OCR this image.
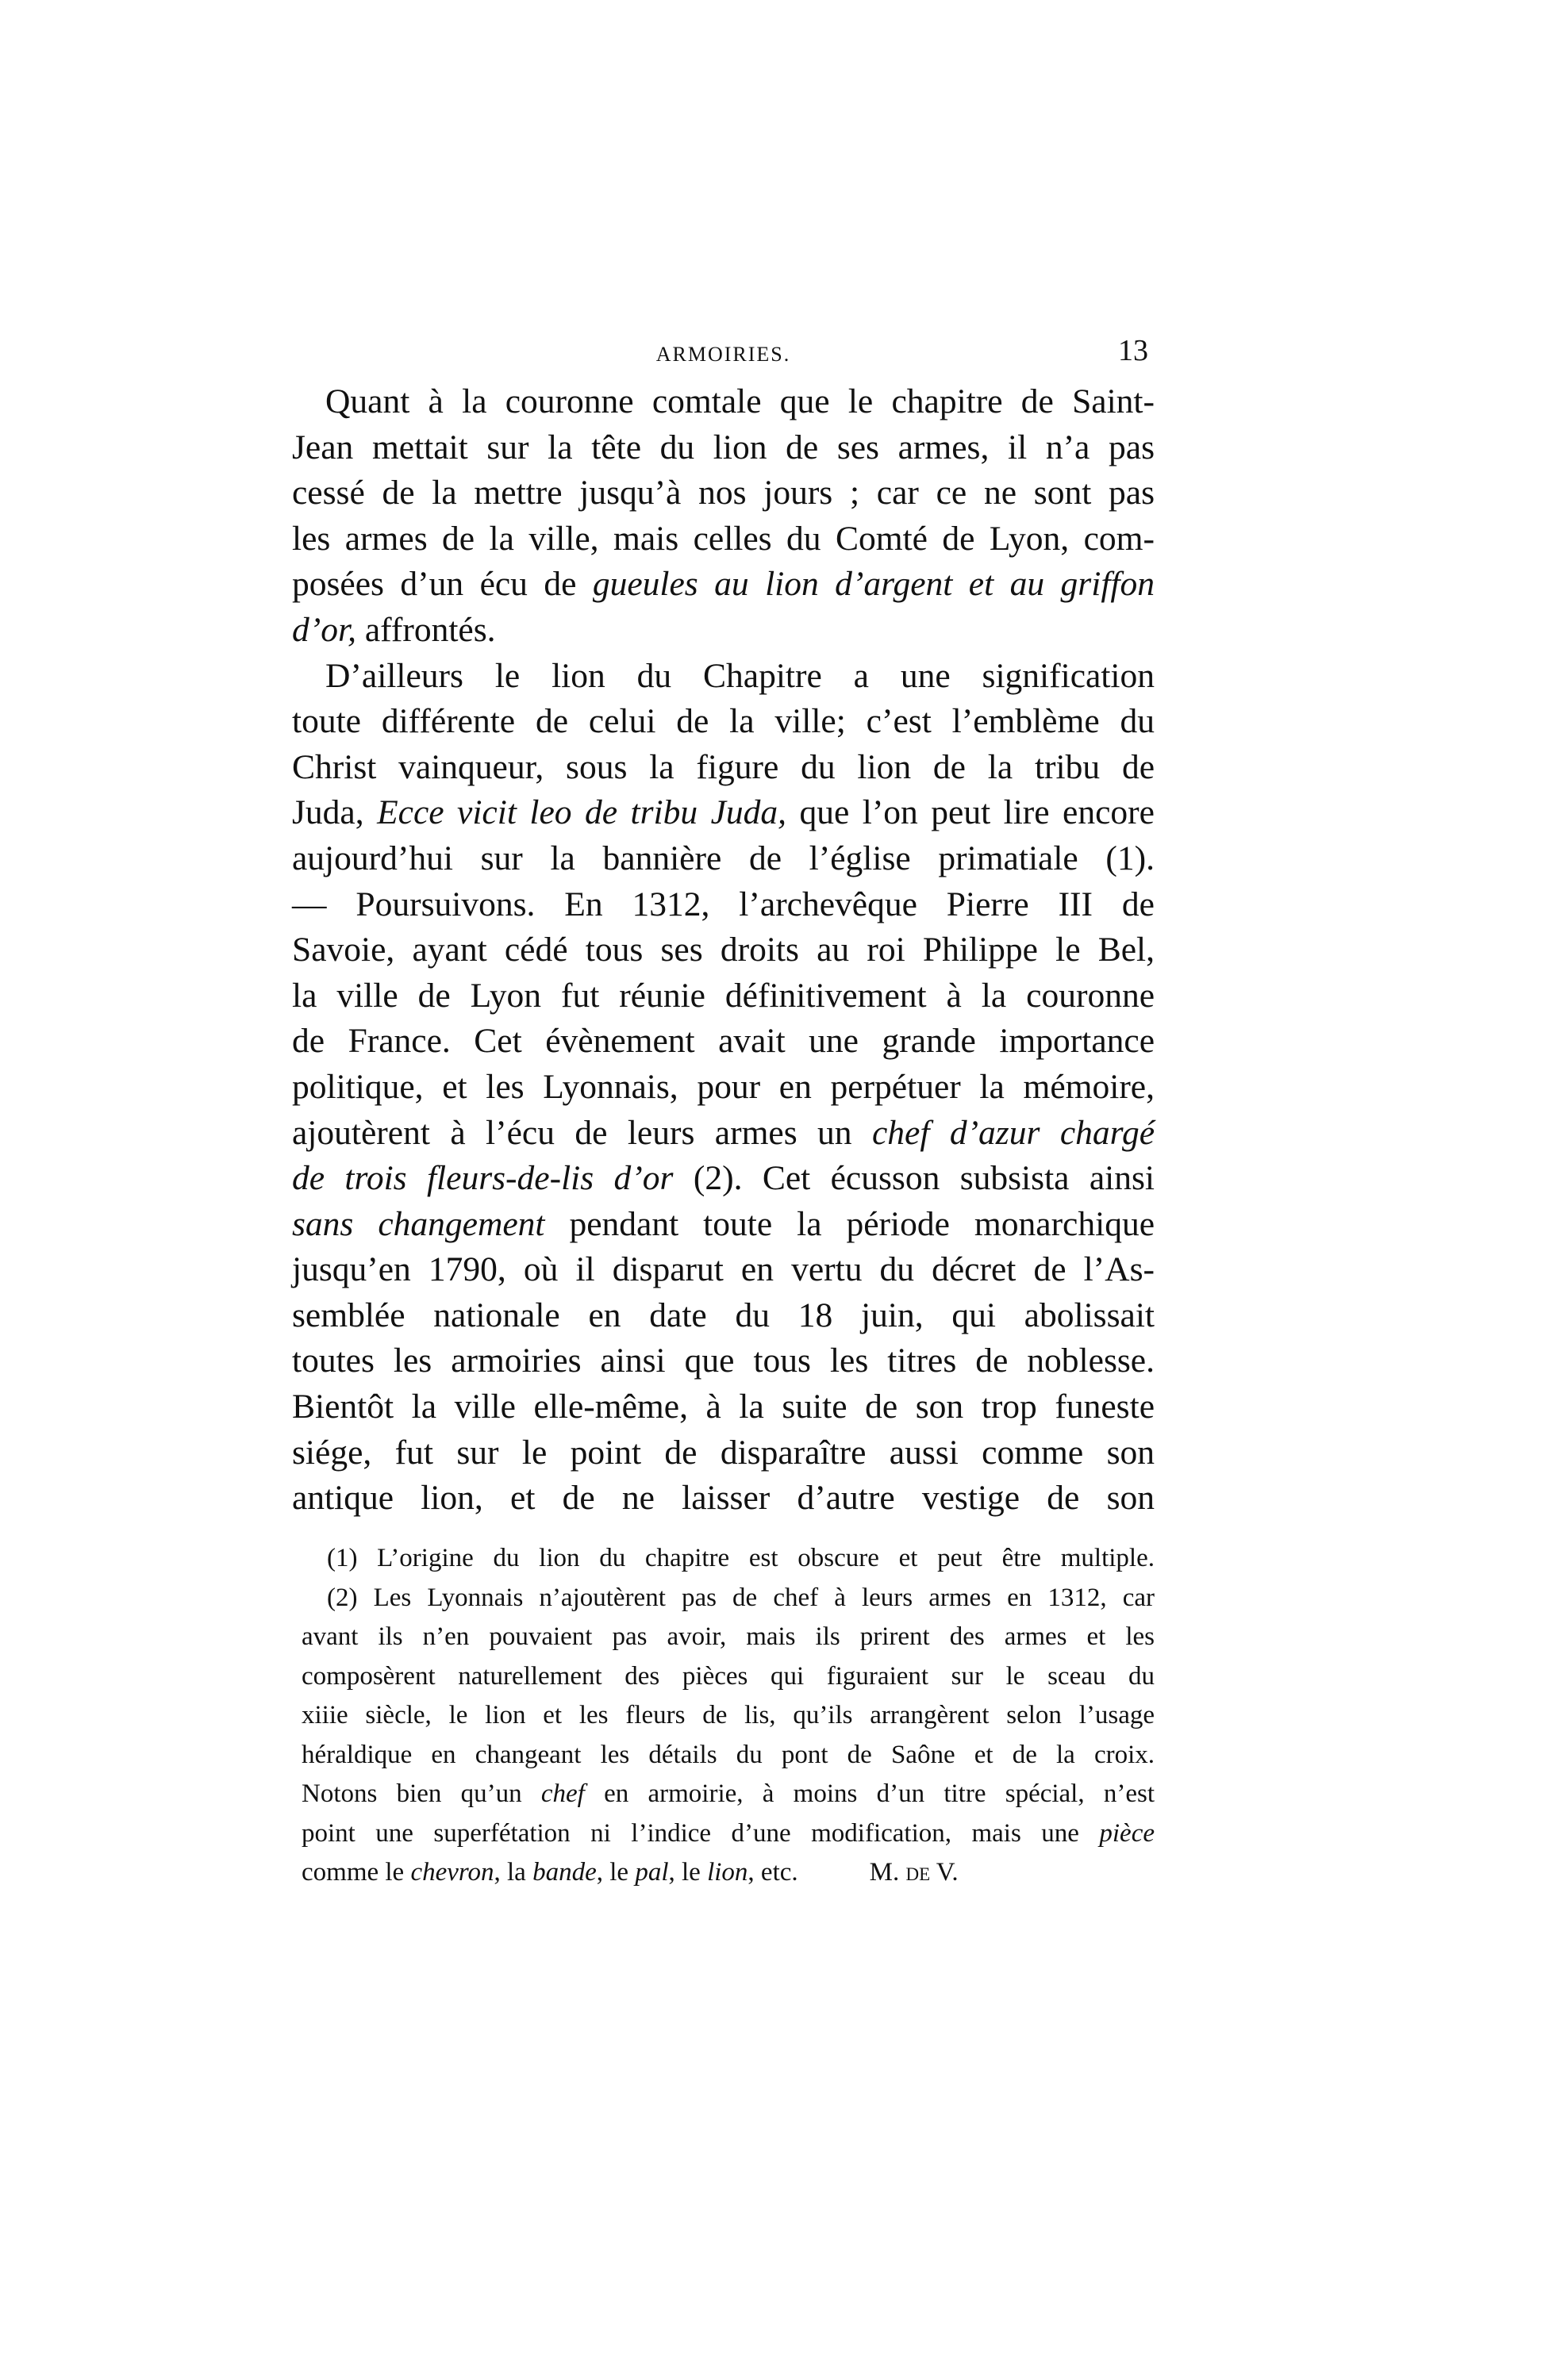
ARMOIRIES.	13
Quant à la couronne comtale que le chapitre de Saint-
Jean mettait sur la tête du lion de ses armes, il n’a pas
cessé de la mettre jusqu’à nos jours ; car ce ne sont pas
les armes de la ville, mais celles du Comté de Lyon, com-
posées d’un écu de gueules au lion d’argent et au griffon
d’or, affrontés.
D’ailleurs le lion du Chapitre a une signification
toute différente de celui de la ville; c’est l’emblème du
Christ vainqueur, sous la figure du lion de la tribu de
Juda, Ecce vicit leo de tribu Juda, que l’on peut lire encore
aujourd’hui sur la bannière de l’église primatiale (1).
— Poursuivons. En 1312, l’archevêque Pierre III de
Savoie, ayant cédé tous ses droits au roi Philippe le Bel,
la ville de Lyon fut réunie définitivement à la couronne
de France. Cet évènement avait une grande importance
politique, et les Lyonnais, pour en perpétuer la mémoire,
ajoutèrent à l’écu de leurs armes un chef d’azur chargé
de trois fleurs-de-lis d’or (2). Cet écusson subsista ainsi
sans changement pendant toute la période monarchique
jusqu’en 1790, où il disparut en vertu du décret de l’As-
semblée nationale en date du 18 juin, qui abolissait
toutes les armoiries ainsi que tous les titres de noblesse.
Bientôt la ville elle-même, à la suite de son trop funeste
siége, fut sur le point de disparaître aussi comme son
antique lion, et de ne laisser d’autre vestige de son
(1) L’origine du lion du chapitre est obscure et peut être multiple.
(2) Les Lyonnais n’ajoutèrent pas de chef à leurs armes en 1312, car
avant ils n’en pouvaient pas avoir, mais ils prirent des armes et les
composèrent naturellement des pièces qui figuraient sur le sceau du
xiiie siècle, le lion et les fleurs de lis, qu’ils arrangèrent selon l’usage
héraldique en changeant les détails du pont de Saône et de la croix.
Notons bien qu’un chef en armoirie, à moins d’un titre spécial, n’est
point une superfétation ni l’indice d’une modification, mais une pièce
comme le chevron, la bande, le pal, le lion, etc.	M. de V.
